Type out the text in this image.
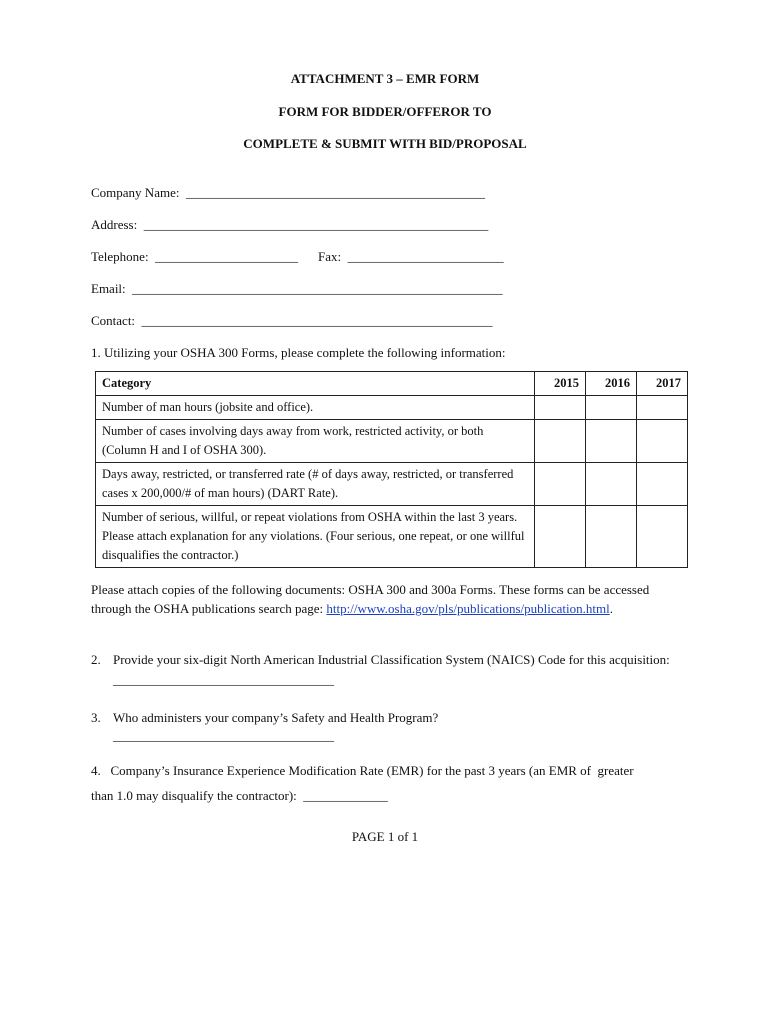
ATTACHMENT 3 – EMR FORM
FORM FOR BIDDER/OFFEROR TO
COMPLETE & SUBMIT WITH BID/PROPOSAL
Company Name:  ______________________________________________
Address:  _____________________________________________________
Telephone:  ______________________ Fax:  ________________________
Email:  _________________________________________________________
Contact:  ______________________________________________________
1. Utilizing your OSHA 300 Forms, please complete the following information:
Category	2015	2016	2017
Number of man hours (jobsite and office).			
Number of cases involving days away from work, restricted activity, or both (Column H and I of OSHA 300).			
Days away, restricted, or transferred rate (# of days away, restricted, or transferred cases x 200,000/# of man hours) (DART Rate).			
Number of serious, willful, or repeat violations from OSHA within the last 3 years. Please attach explanation for any violations. (Four serious, one repeat, or one willful disqualifies the contractor.)			
Please attach copies of the following documents: OSHA 300 and 300a Forms. These forms can be accessed through the OSHA publications search page: http://www.osha.gov/pls/publications/publication.html.
2. Provide your six-digit North American Industrial Classification System (NAICS) Code for this acquisition: __________________________________
3. Who administers your company’s Safety and Health Program?
__________________________________
4.   Company’s Insurance Experience Modification Rate (EMR) for the past 3 years (an EMR of  greater
than 1.0 may disqualify the contractor):  _____________
PAGE 1 of 1
